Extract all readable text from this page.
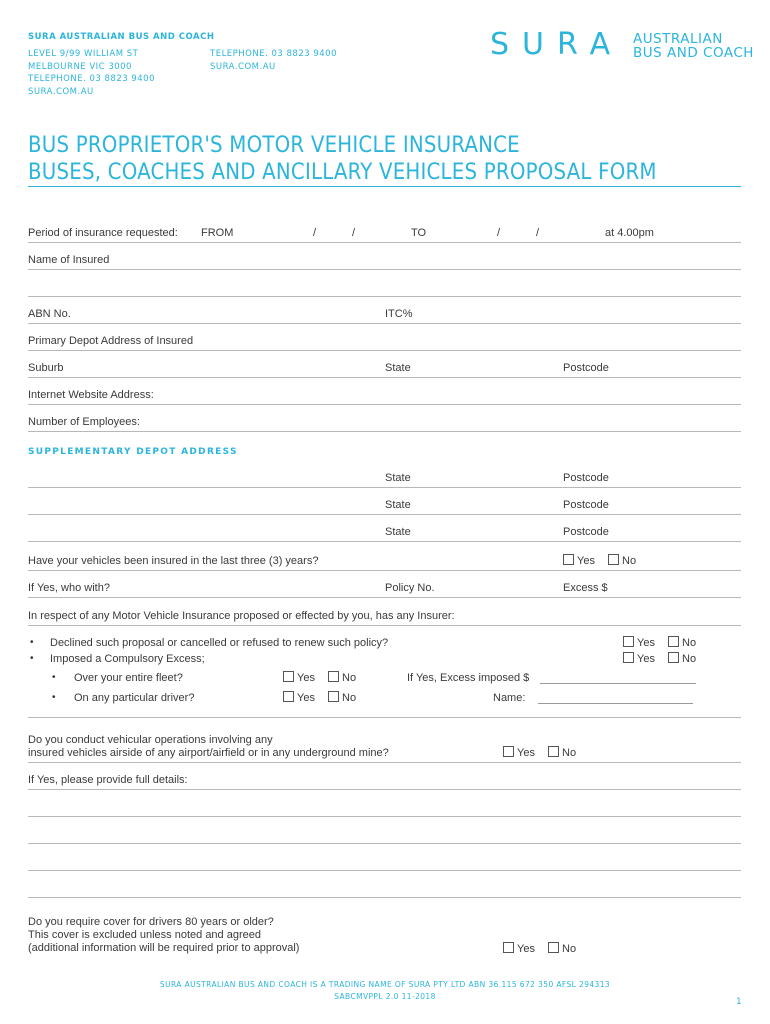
SURA AUSTRALIAN BUS AND COACH
LEVEL 9/99 WILLIAM ST
MELBOURNE VIC 3000
TELEPHONE. 03 8823 9400
SURA.COM.AU
TELEPHONE. 03 8823 9400
SURA.COM.AU
SURA AUSTRALIAN
BUS AND COACH
BUS PROPRIETOR'S MOTOR VEHICLE INSURANCE
BUSES, COACHES AND ANCILLARY VEHICLES PROPOSAL FORM
Period of insurance requested: FROM	/	/	TO	/	/	at 4.00pm
Name of Insured
ABN No.	ITC%
Primary Depot Address of Insured
Suburb	State	Postcode
Internet Website Address:
Number of Employees:
SUPPLEMENTARY DEPOT ADDRESS
State	Postcode
State	Postcode
State	Postcode
Have your vehicles been insured in the last three (3) years?	Yes	No
If Yes, who with?	Policy No.	Excess $
In respect of any Motor Vehicle Insurance proposed or effected by you, has any Insurer:
• Declined such proposal or cancelled or refused to renew such policy?	Yes	No
• Imposed a Compulsory Excess;	Yes	No
• Over your entire fleet?	Yes	No	If Yes, Excess imposed $
• On any particular driver?	Yes	No	Name:
Do you conduct vehicular operations involving any
insured vehicles airside of any airport/airfield or in any underground mine?	Yes	No
If Yes, please provide full details:
Do you require cover for drivers 80 years or older?
This cover is excluded unless noted and agreed
(additional information will be required prior to approval)	Yes	No
SURA AUSTRALIAN BUS AND COACH IS A TRADING NAME OF SURA PTY LTD ABN 36 115 672 350 AFSL 294313
SABCMVPPL 2.0 11-2018
1
